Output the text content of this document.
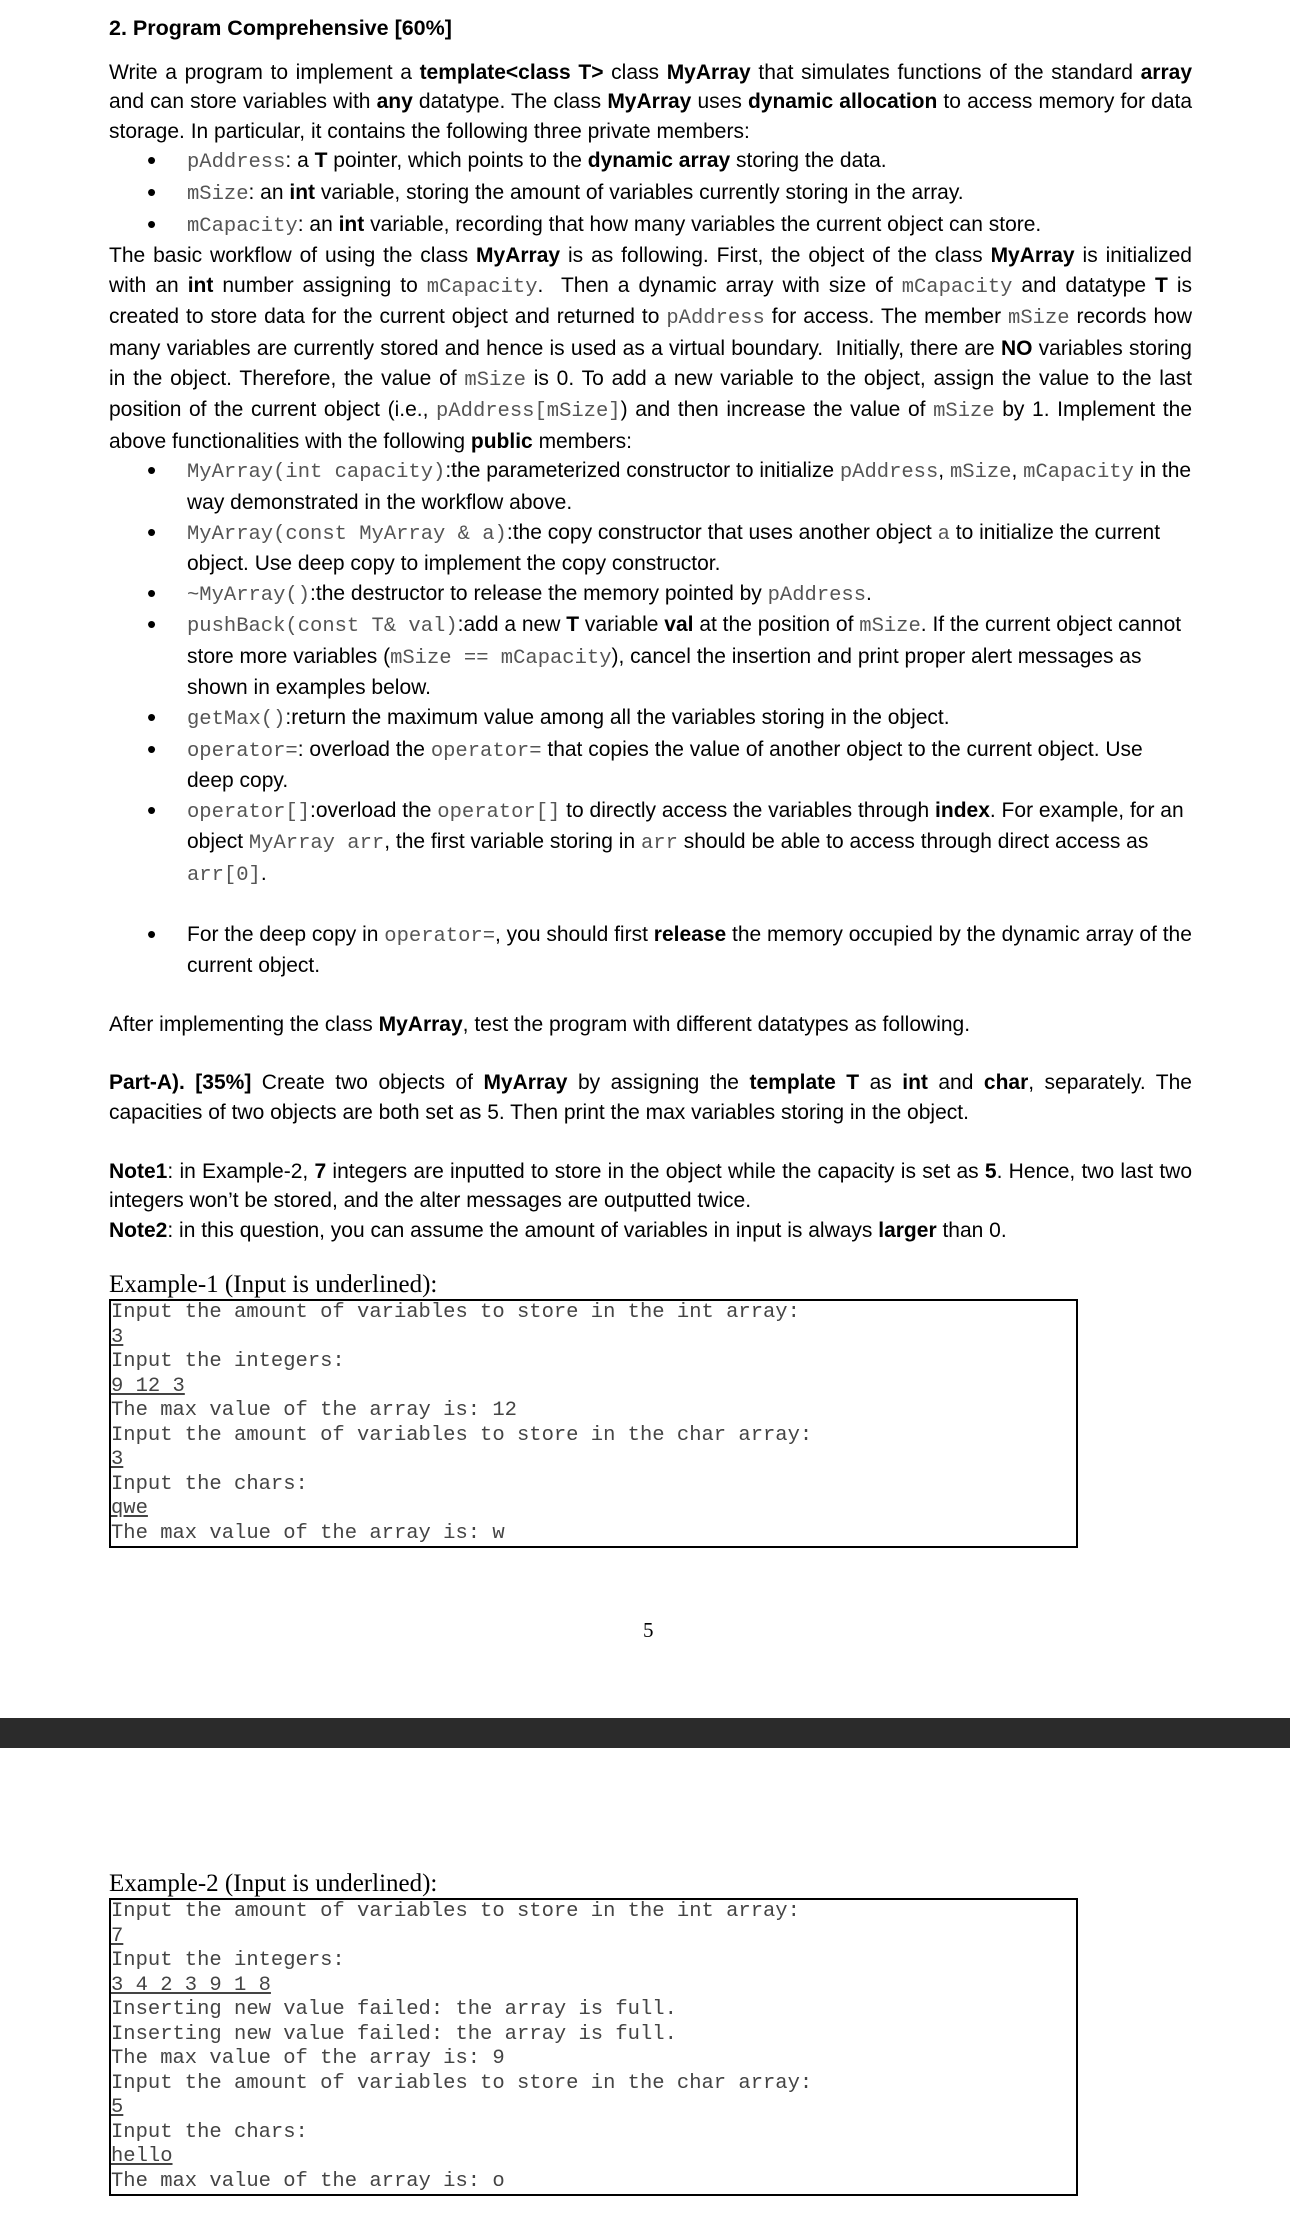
2. Program Comprehensive [60%]

Write a program to implement a template<class T> class MyArray that simulates functions of the standard array and can store variables with any datatype. The class MyArray uses dynamic allocation to access memory for data storage. In particular, it contains the following three private members:

• pAddress: a T pointer, which points to the dynamic array storing the data.
• mSize: an int variable, storing the amount of variables currently storing in the array.
• mCapacity: an int variable, recording that how many variables the current object can store.

The basic workflow of using the class MyArray is as following. First, the object of the class MyArray is initialized with an int number assigning to mCapacity.  Then a dynamic array with size of mCapacity and datatype T is created to store data for the current object and returned to pAddress for access. The member mSize records how many variables are currently stored and hence is used as a virtual boundary.  Initially, there are NO variables storing in the object. Therefore, the value of mSize is 0. To add a new variable to the object, assign the value to the last position of the current object (i.e., pAddress[mSize]) and then increase the value of mSize by 1. Implement the above functionalities with the following public members:

• MyArray(int capacity):the parameterized constructor to initialize pAddress, mSize, mCapacity in the way demonstrated in the workflow above.
• MyArray(const MyArray & a):the copy constructor that uses another object a to initialize the current object. Use deep copy to implement the copy constructor.
• ~MyArray():the destructor to release the memory pointed by pAddress.
• pushBack(const T& val):add a new T variable val at the position of mSize. If the current object cannot store more variables (mSize == mCapacity), cancel the insertion and print proper alert messages as shown in examples below.
• getMax():return the maximum value among all the variables storing in the object.
• operator=: overload the operator= that copies the value of another object to the current object. Use deep copy.
• operator[]:overload the operator[] to directly access the variables through index. For example, for an object MyArray arr, the first variable storing in arr should be able to access through direct access as arr[0].
• For the deep copy in operator=, you should first release the memory occupied by the dynamic array of the current object.

After implementing the class MyArray, test the program with different datatypes as following.

Part-A). [35%] Create two objects of MyArray by assigning the template T as int and char, separately. The capacities of two objects are both set as 5. Then print the max variables storing in the object.

Note1: in Example-2, 7 integers are inputted to store in the object while the capacity is set as 5. Hence, two last two integers won’t be stored, and the alter messages are outputted twice.

Note2: in this question, you can assume the amount of variables in input is always larger than 0.

Example-1 (Input is underlined):

Input the amount of variables to store in the int array:
3
Input the integers:
9 12 3
The max value of the array is: 12
Input the amount of variables to store in the char array:
3
Input the chars:
qwe
The max value of the array is: w
5

Example-2 (Input is underlined):

Input the amount of variables to store in the int array:
7
Input the integers:
3 4 2 3 9 1 8
Inserting new value failed: the array is full.
Inserting new value failed: the array is full.
The max value of the array is: 9
Input the amount of variables to store in the char array:
5
Input the chars:
hello
The max value of the array is: o
